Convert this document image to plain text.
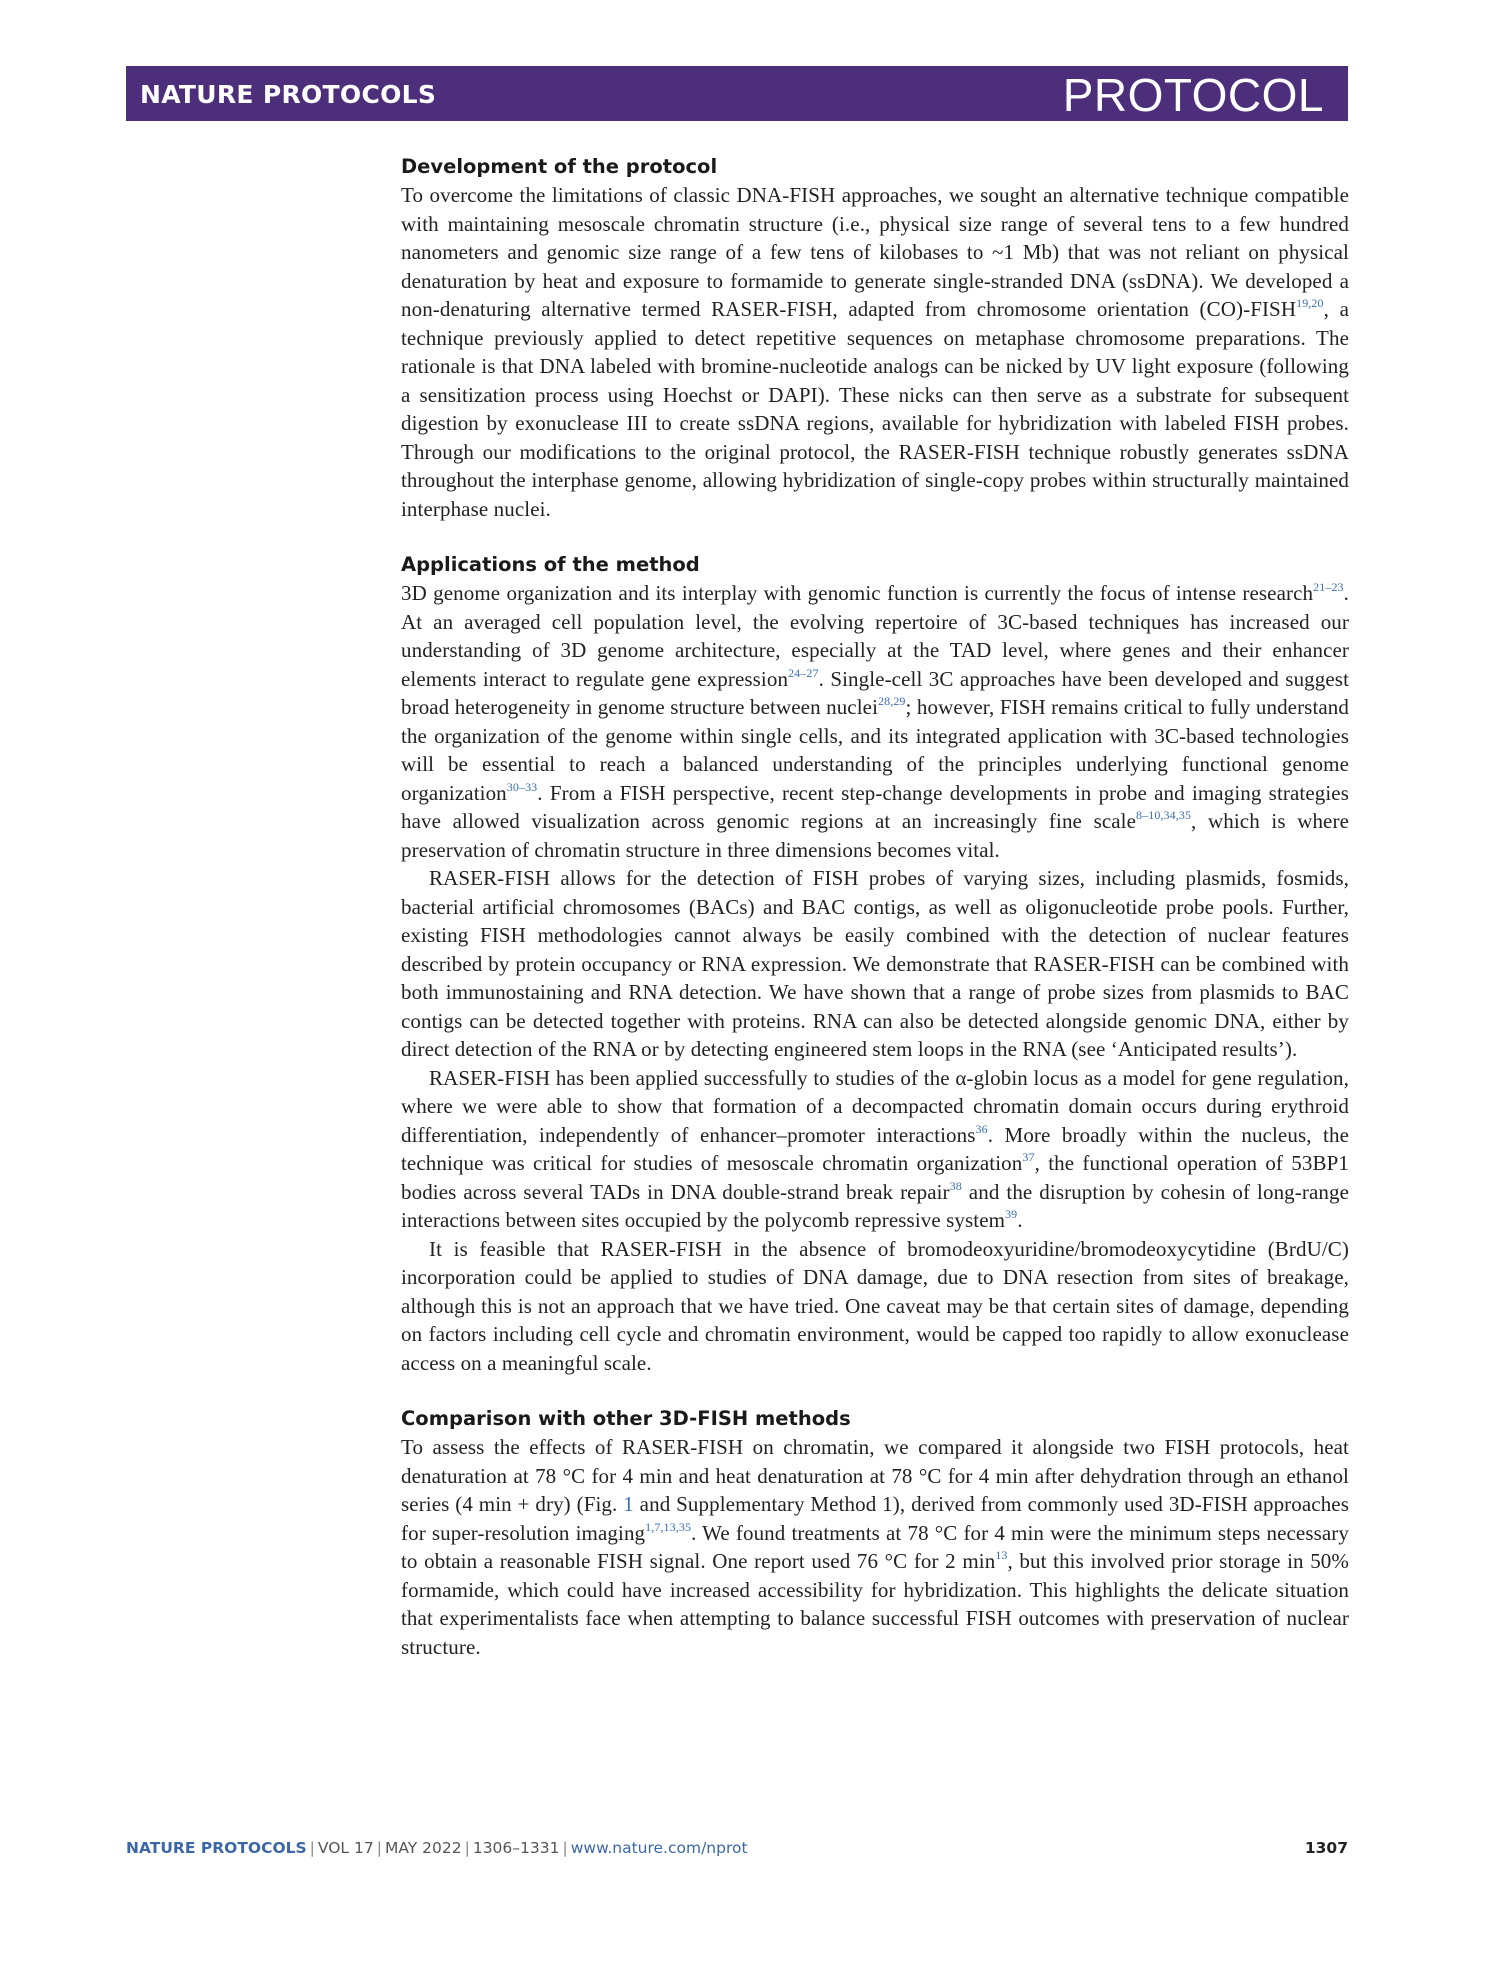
NATURE PROTOCOLS	PROTOCOL
Development of the protocol

To overcome the limitations of classic DNA-FISH approaches, we sought an alternative technique compatible with maintaining mesoscale chromatin structure (i.e., physical size range of several tens to a few hundred nanometers and genomic size range of a few tens of kilobases to ~1 Mb) that was not reliant on physical denaturation by heat and exposure to formamide to generate single-stranded DNA (ssDNA). We developed a non-denaturing alternative termed RASER-FISH, adapted from chromosome orientation (CO)-FISH$^{19,20}$, a technique previously applied to detect repetitive sequences on metaphase chromosome preparations. The rationale is that DNA labeled with bromine-nucleotide analogs can be nicked by UV light exposure (following a sensitization process using Hoechst or DAPI). These nicks can then serve as a substrate for subsequent digestion by exonuclease III to create ssDNA regions, available for hybridization with labeled FISH probes. Through our modifications to the original protocol, the RASER-FISH technique robustly generates ssDNA throughout the interphase genome, allowing hybridization of single-copy probes within structurally maintained interphase nuclei.

Applications of the method

3D genome organization and its interplay with genomic function is currently the focus of intense research$^{21-23}$. At an averaged cell population level, the evolving repertoire of 3C-based techniques has increased our understanding of 3D genome architecture, especially at the TAD level, where genes and their enhancer elements interact to regulate gene expression$^{24-27}$. Single-cell 3C approaches have been developed and suggest broad heterogeneity in genome structure between nuclei$^{28,29}$; however, FISH remains critical to fully understand the organization of the genome within single cells, and its integrated application with 3C-based technologies will be essential to reach a balanced understanding of the principles underlying functional genome organization$^{30-33}$. From a FISH perspective, recent step-change developments in probe and imaging strategies have allowed visualization across genomic regions at an increasingly fine scale$^{8-10,34,35}$, which is where preservation of chromatin structure in three dimensions becomes vital.

RASER-FISH allows for the detection of FISH probes of varying sizes, including plasmids, fosmids, bacterial artificial chromosomes (BACs) and BAC contigs, as well as oligonucleotide probe pools. Further, existing FISH methodologies cannot always be easily combined with the detection of nuclear features described by protein occupancy or RNA expression. We demonstrate that RASER-FISH can be combined with both immunostaining and RNA detection. We have shown that a range of probe sizes from plasmids to BAC contigs can be detected together with proteins. RNA can also be detected alongside genomic DNA, either by direct detection of the RNA or by detecting engineered stem loops in the RNA (see ‘Anticipated results’).

RASER-FISH has been applied successfully to studies of the α-globin locus as a model for gene regulation, where we were able to show that formation of a decompacted chromatin domain occurs during erythroid differentiation, independently of enhancer–promoter interactions$^{36}$. More broadly within the nucleus, the technique was critical for studies of mesoscale chromatin organization$^{37}$, the functional operation of 53BP1 bodies across several TADs in DNA double-strand break repair$^{38}$ and the disruption by cohesin of long-range interactions between sites occupied by the polycomb repressive system$^{39}$.

It is feasible that RASER-FISH in the absence of bromodeoxyuridine/bromodeoxycytidine (BrdU/C) incorporation could be applied to studies of DNA damage, due to DNA resection from sites of breakage, although this is not an approach that we have tried. One caveat may be that certain sites of damage, depending on factors including cell cycle and chromatin environment, would be capped too rapidly to allow exonuclease access on a meaningful scale.

Comparison with other 3D-FISH methods

To assess the effects of RASER-FISH on chromatin, we compared it alongside two FISH protocols, heat denaturation at 78 °C for 4 min and heat denaturation at 78 °C for 4 min after dehydration through an ethanol series (4 min + dry) (Fig. 1 and Supplementary Method 1), derived from commonly used 3D-FISH approaches for super-resolution imaging$^{1,7,13,35}$. We found treatments at 78 °C for 4 min were the minimum steps necessary to obtain a reasonable FISH signal. One report used 76 °C for 2 $\min^{13}$, but this involved prior storage in 50% formamide, which could have increased accessibility for hybridization. This highlights the delicate situation that experimentalists face when attempting to balance successful FISH outcomes with preservation of nuclear structure.

NATURE PROTOCOLS | VOL 17 | MAY 2022 | 1306–1331 | www.nature.com/nprot	1307
